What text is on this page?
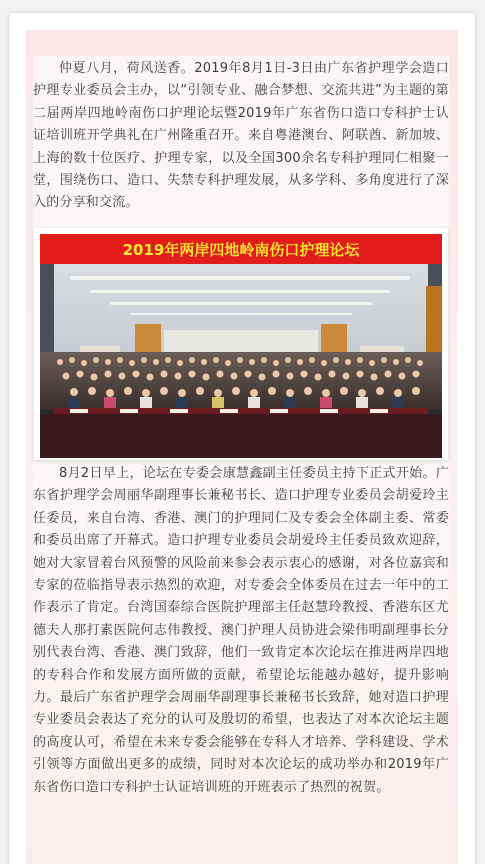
仲夏八月，荷风送香。2019年8月1日-3日由广东省护理学会造口护理专业委员会主办，以“引领专业、融合梦想、交流共进”为主题的第二届两岸四地岭南伤口护理论坛暨2019年广东省伤口造口专科护士认证培训班开学典礼在广州隆重召开。来自粤港澳台、阿联酋、新加坡、上海的数十位医疗、护理专家，以及全国300余名专科护理同仁相聚一堂，围绕伤口、造口、失禁专科护理发展，从多学科、多角度进行了深入的分享和交流。

2019年两岸四地岭南伤口护理论坛

8月2日早上，论坛在专委会康慧鑫副主任委员主持下正式开始。广东省护理学会周丽华副理事长兼秘书长、造口护理专业委员会胡爱玲主任委员，来自台湾、香港、澳门的护理同仁及专委会全体副主委、常委和委员出席了开幕式。造口护理专业委员会胡爱玲主任委员致欢迎辞，她对大家冒着台风预警的风险前来参会表示衷心的感谢，对各位嘉宾和专家的莅临指导表示热烈的欢迎，对专委会全体委员在过去一年中的工作表示了肯定。台湾国泰综合医院护理部主任赵慧玲教授、香港东区尤德夫人那打素医院何志伟教授、澳门护理人员协进会梁伟明副理事长分别代表台湾、香港、澳门致辞，他们一致肯定本次论坛在推进两岸四地的专科合作和发展方面所做的贡献，希望论坛能越办越好，提升影响力。最后广东省护理学会周丽华副理事长兼秘书长致辞，她对造口护理专业委员会表达了充分的认可及殷切的希望，也表达了对本次论坛主题的高度认可，希望在未来专委会能够在专科人才培养、学科建设、学术引领等方面做出更多的成绩，同时对本次论坛的成功举办和2019年广东省伤口造口专科护士认证培训班的开班表示了热烈的祝贺。
